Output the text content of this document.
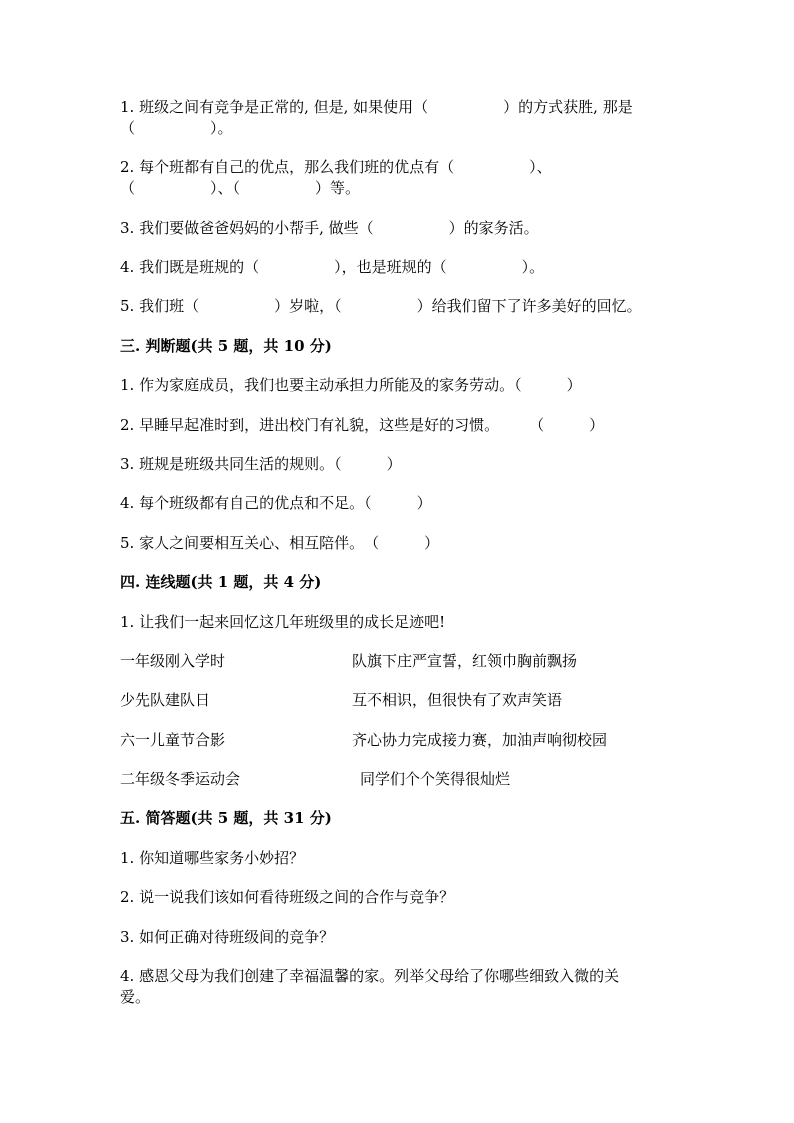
1. 班级之间有竞争是正常的, 但是, 如果使用（　　　　　）的方式获胜, 那是
（　　　　　）。
2. 每个班都有自己的优点，那么我们班的优点有（　　　　　）、
（　　　　　）、（　　　　　）等。
3. 我们要做爸爸妈妈的小帮手, 做些（　　　　　）的家务活。
4. 我们既是班规的（　　　　　），也是班规的（　　　　　）。
5. 我们班（　　　　　）岁啦，（　　　　　）给我们留下了许多美好的回忆。
三. 判断题(共 5 题，共 10 分)
1. 作为家庭成员，我们也要主动承担力所能及的家务劳动。（　　　）
2. 早睡早起准时到，进出校门有礼貌，这些是好的习惯。　　　（　　　）
3. 班规是班级共同生活的规则。（　　　）
4. 每个班级都有自己的优点和不足。（　　　）
5. 家人之间要相互关心、相互陪伴。　（　　　）
四. 连线题(共 1 题，共 4 分)
1. 让我们一起来回忆这几年班级里的成长足迹吧!
一年级刚入学时	队旗下庄严宣誓，红领巾胸前飘扬
少先队建队日	互不相识，但很快有了欢声笑语
六一儿童节合影	齐心协力完成接力赛，加油声响彻校园
二年级冬季运动会	同学们个个笑得很灿烂
五. 简答题(共 5 题，共 31 分)
1. 你知道哪些家务小妙招？
2. 说一说我们该如何看待班级之间的合作与竞争？
3. 如何正确对待班级间的竞争？
4. 感恩父母为我们创建了幸福温馨的家。列举父母给了你哪些细致入微的关
爱。
